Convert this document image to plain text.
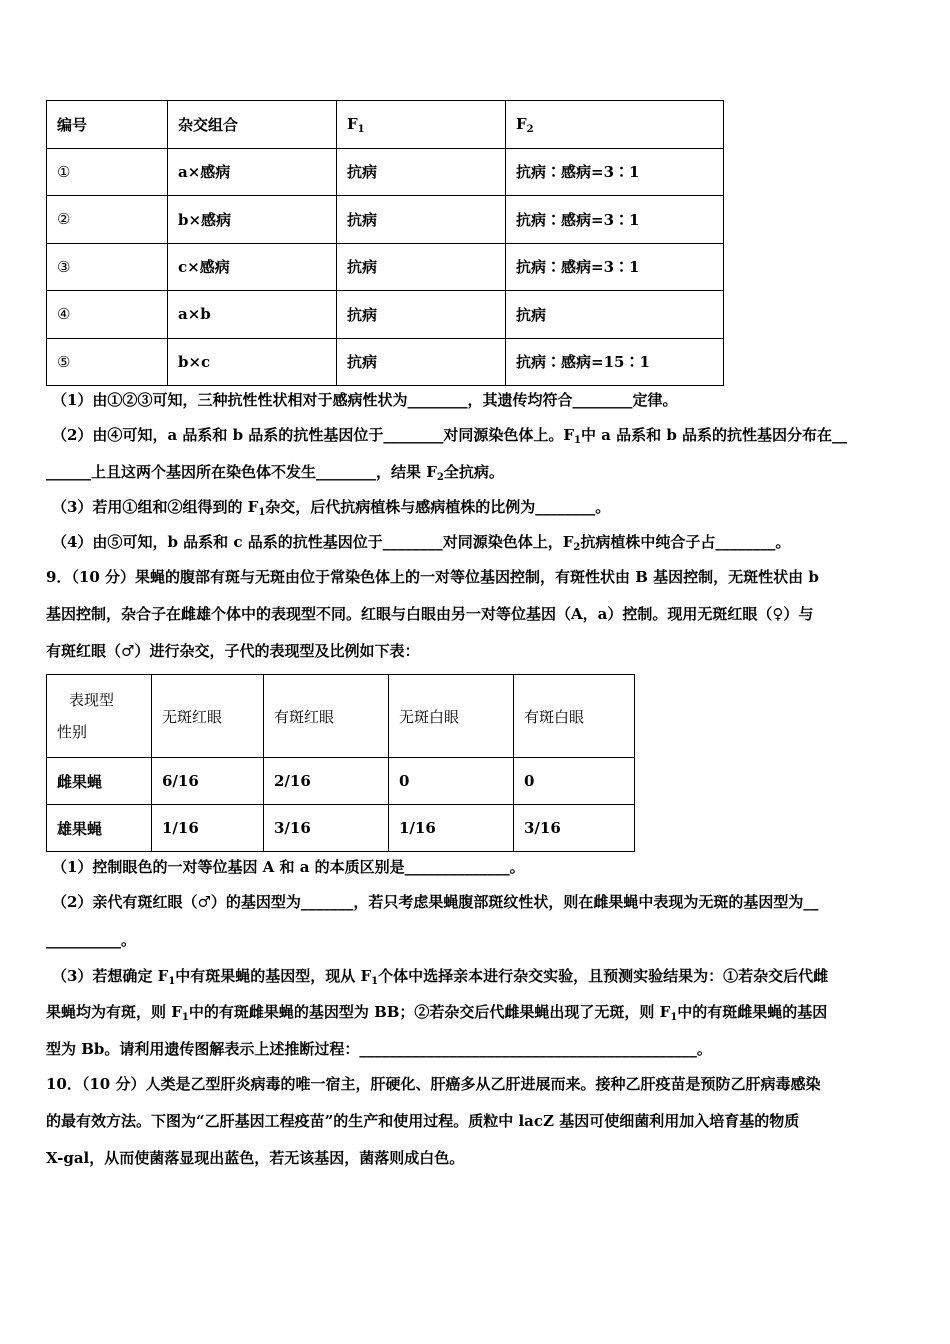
编号	杂交组合	$F_1$	$F_2$
①	a×感病	抗病	抗病∶感病=3∶1
②	b×感病	抗病	抗病∶感病=3∶1
③	c×感病	抗病	抗病∶感病=3∶1
④	a×b	抗病	抗病
⑤	b×c	抗病	抗病∶感病=15∶1
（1）由①②③可知，三种抗性性状相对于感病性状为________，其遗传均符合________定律。
（2）由④可知，a 品系和 b 品系的抗性基因位于________对同源染色体上。$F_1$中 a 品系和 b 品系的抗性基因分布在__
______上且这两个基因所在染色体不发生________，结果 $F_2$全抗病。
（3）若用①组和②组得到的 $F_1$杂交，后代抗病植株与感病植株的比例为________。
（4）由⑤可知，b 品系和 c 品系的抗性基因位于________对同源染色体上，$F_2$抗病植株中纯合子占________。
9．（10 分）果蝇的腹部有斑与无斑由位于常染色体上的一对等位基因控制，有斑性状由 B 基因控制，无斑性状由 b
基因控制，杂合子在雌雄个体中的表现型不同。红眼与白眼由另一对等位基因（A，a）控制。现用无斑红眼（♀）与
有斑红眼（♂）进行杂交，子代的表现型及比例如下表：
表现型
性别	无斑红眼	有斑红眼	无斑白眼	有斑白眼
雌果蝇	6/16	2/16	0	0
雄果蝇	1/16	3/16	1/16	3/16
（1）控制眼色的一对等位基因 A 和 a 的本质区别是______________。
（2）亲代有斑红眼（♂）的基因型为_______，若只考虑果蝇腹部斑纹性状，则在雌果蝇中表现为无斑的基因型为__
__________。
（3）若想确定 $F_1$中有斑果蝇的基因型，现从 $F_1$个体中选择亲本进行杂交实验，且预测实验结果为：①若杂交后代雌
果蝇均为有斑，则 $F_1$中的有斑雌果蝇的基因型为 BB；②若杂交后代雌果蝇出现了无斑，则 $F_1$中的有斑雌果蝇的基因
型为 Bb。请利用遗传图解表示上述推断过程：_____________________________________________。
10．（10 分）人类是乙型肝炎病毒的唯一宿主，肝硬化、肝癌多从乙肝进展而来。接种乙肝疫苗是预防乙肝病毒感染
的最有效方法。下图为“乙肝基因工程疫苗”的生产和使用过程。质粒中 lacZ 基因可使细菌利用加入培育基的物质
X-gal，从而使菌落显现出蓝色，若无该基因，菌落则成白色。
